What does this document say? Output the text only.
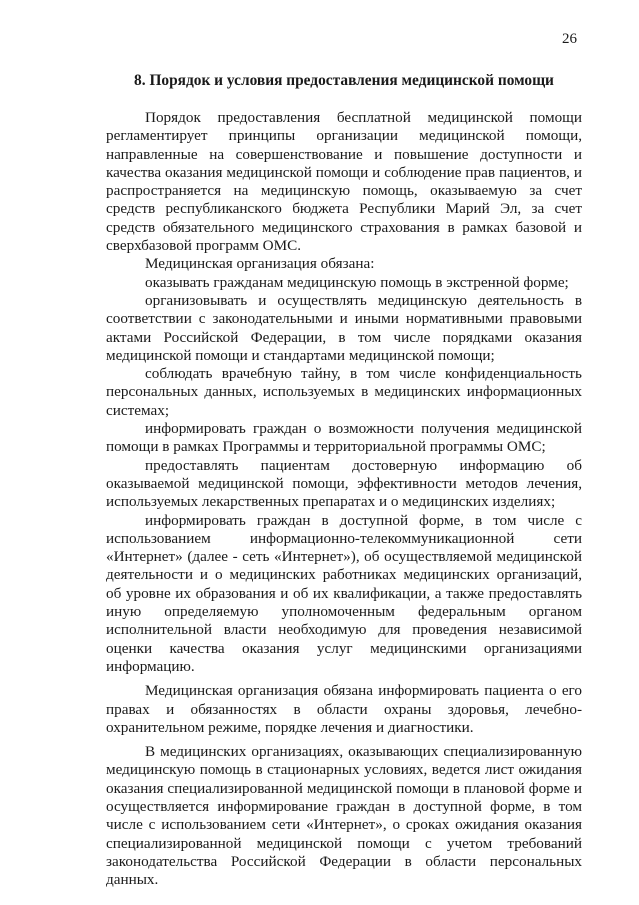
26
8. Порядок и условия предоставления медицинской помощи

Порядок предоставления бесплатной медицинской помощи регламентирует принципы организации медицинской помощи, направленные на совершенствование и повышение доступности и качества оказания медицинской помощи и соблюдение прав пациентов, и распространяется на медицинскую помощь, оказываемую за счет средств республиканского бюджета Республики Марий Эл, за счет средств обязательного медицинского страхования в рамках базовой и сверхбазовой программ ОМС.

Медицинская организация обязана:

оказывать гражданам медицинскую помощь в экстренной форме;

организовывать и осуществлять медицинскую деятельность в соответствии с законодательными и иными нормативными правовыми актами Российской Федерации, в том числе порядками оказания медицинской помощи и стандартами медицинской помощи;

соблюдать врачебную тайну, в том числе конфиденциальность персональных данных, используемых в медицинских информационных системах;

информировать граждан о возможности получения медицинской помощи в рамках Программы и территориальной программы ОМС;

предоставлять пациентам достоверную информацию об оказываемой медицинской помощи, эффективности методов лечения, используемых лекарственных препаратах и о медицинских изделиях;

информировать граждан в доступной форме, в том числе с использованием информационно-телекоммуникационной сети «Интернет» (далее - сеть «Интернет»), об осуществляемой медицинской деятельности и о медицинских работниках медицинских организаций, об уровне их образования и об их квалификации, а также предоставлять иную определяемую уполномоченным федеральным органом исполнительной власти необходимую для проведения независимой оценки качества оказания услуг медицинскими организациями информацию.

Медицинская организация обязана информировать пациента о его правах и обязанностях в области охраны здоровья, лечебно-охранительном режиме, порядке лечения и диагностики.

В медицинских организациях, оказывающих специализированную медицинскую помощь в стационарных условиях, ведется лист ожидания оказания специализированной медицинской помощи в плановой форме и осуществляется информирование граждан в доступной форме, в том числе с использованием сети «Интернет», о сроках ожидания оказания специализированной медицинской помощи с учетом требований законодательства Российской Федерации в области персональных данных.
